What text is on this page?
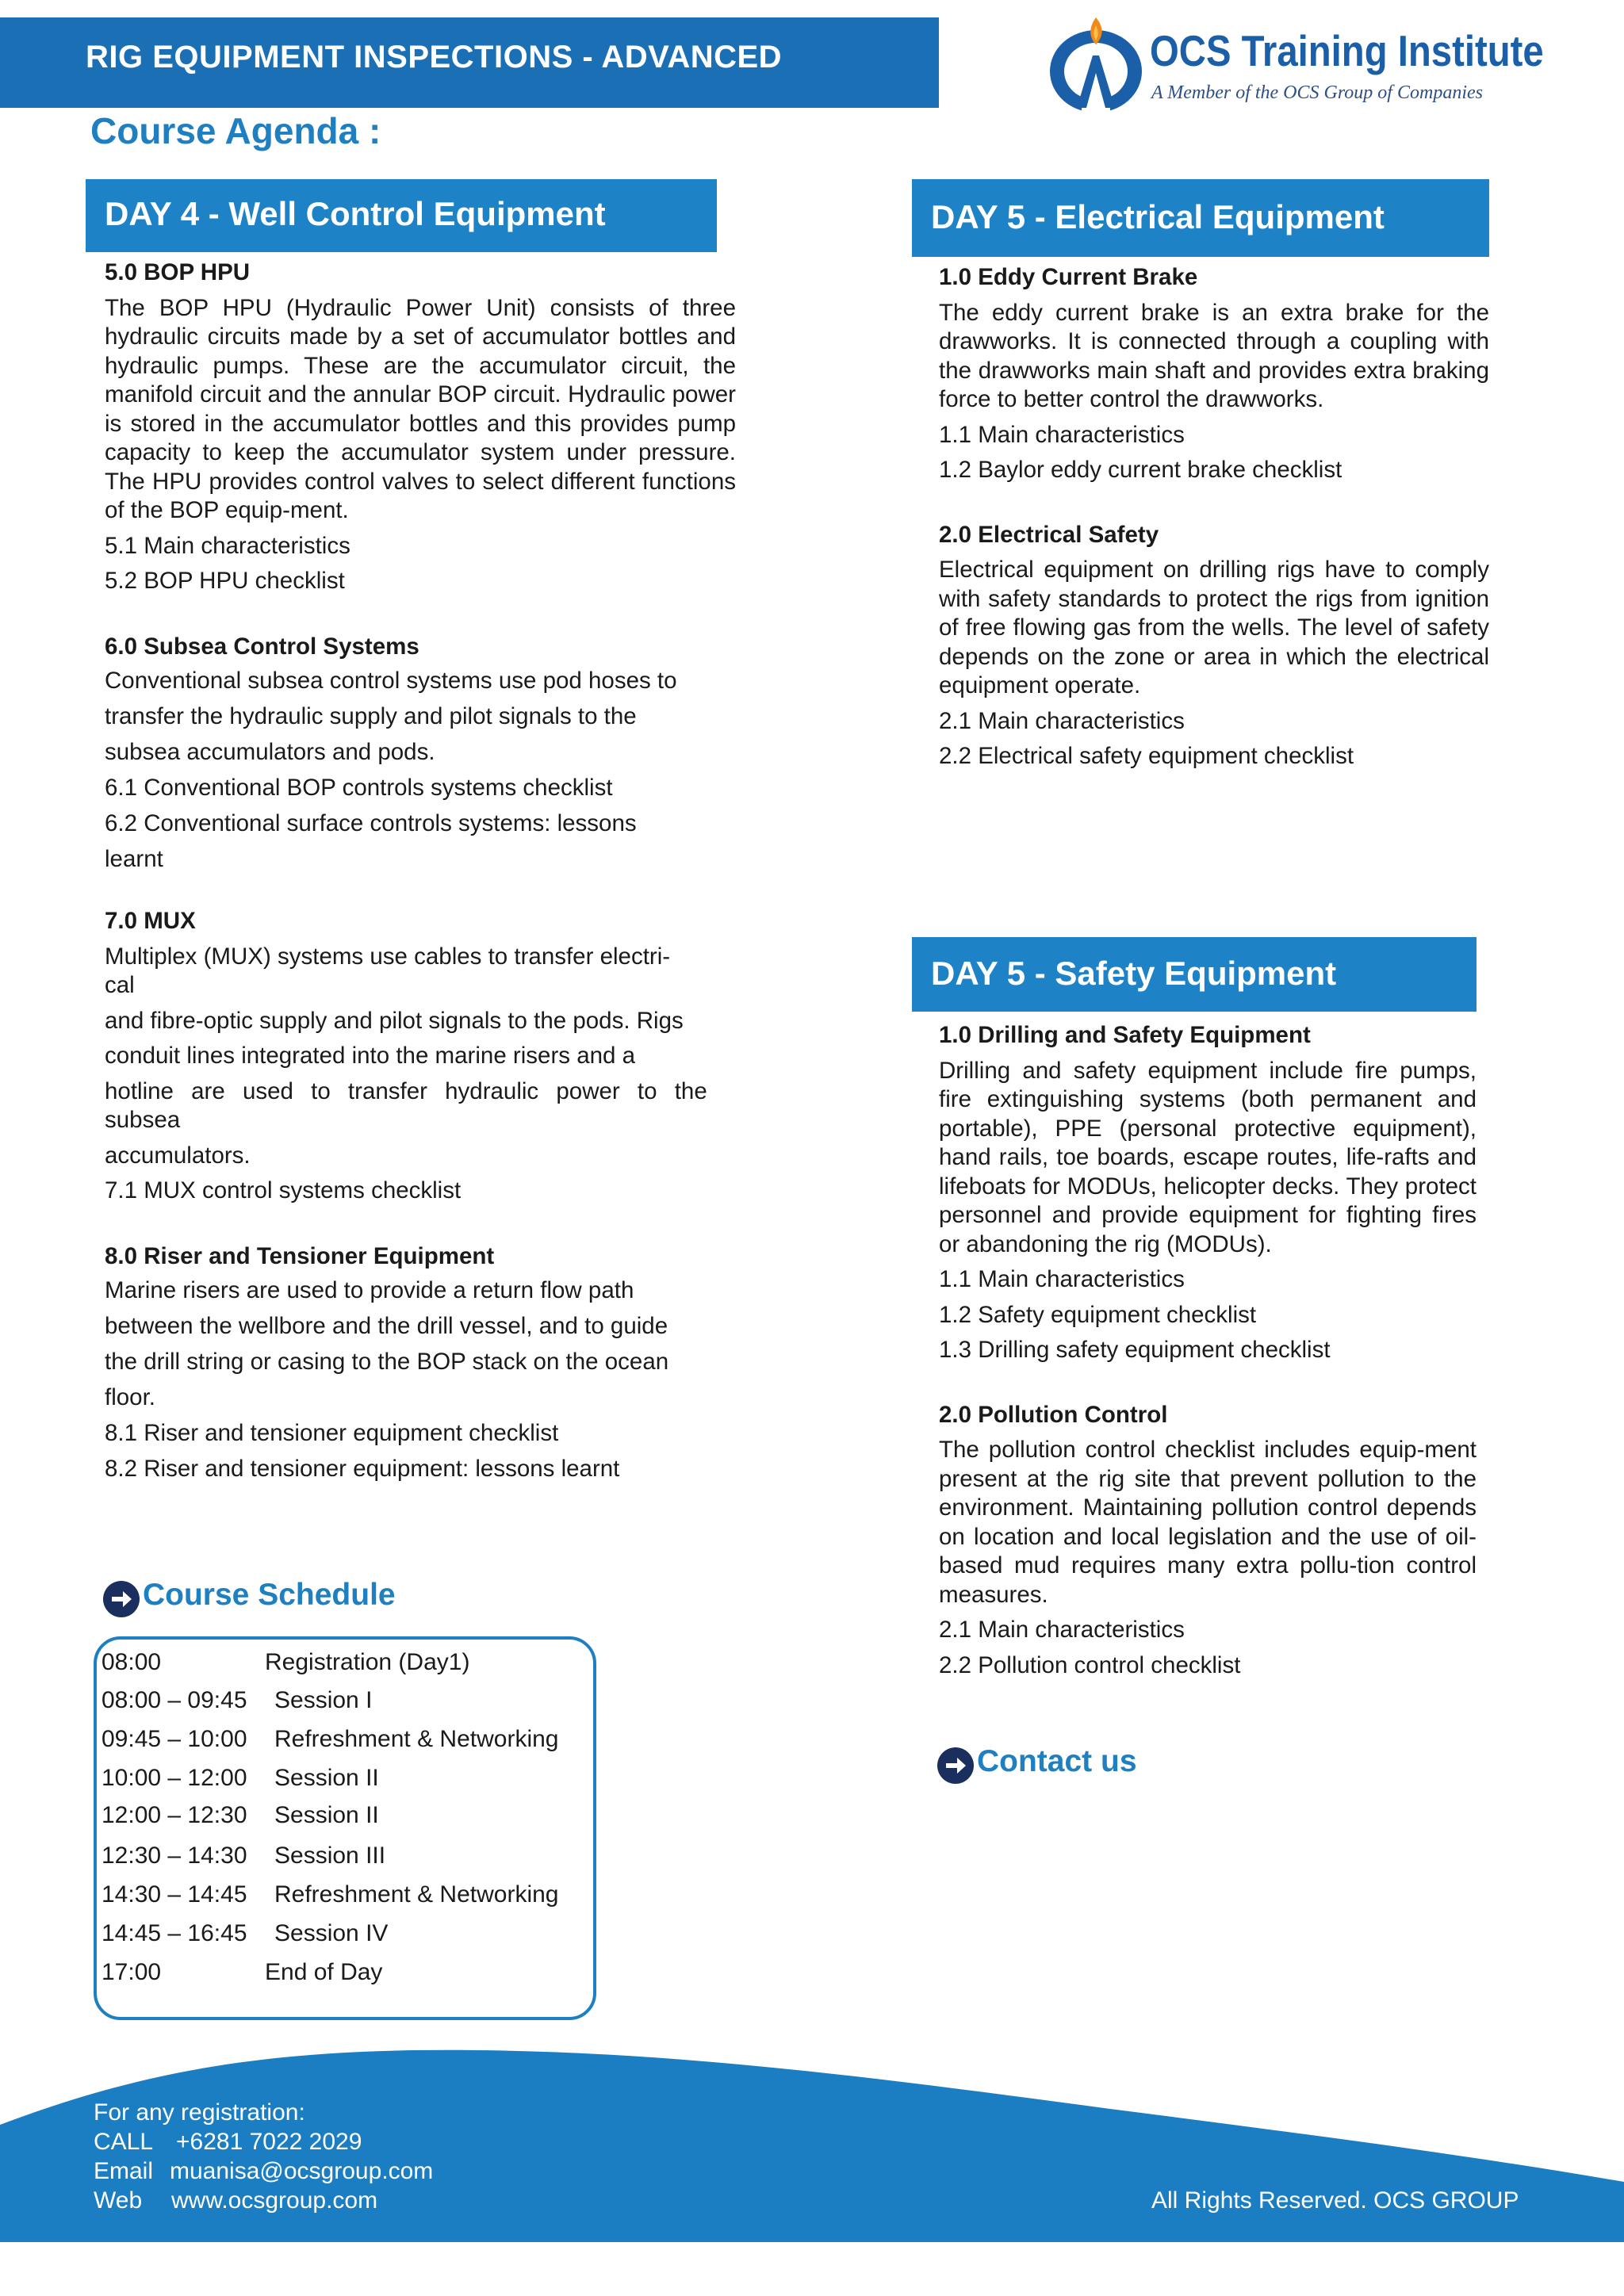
RIG EQUIPMENT INSPECTIONS - ADVANCED	OCS Training Institute
A Member of the OCS Group of Companies
Course Agenda :
DAY 4 - Well Control Equipment
5.0 BOP HPU
The BOP HPU (Hydraulic Power Unit) consists of three hydraulic circuits made by a set of accumulator bottles and hydraulic pumps. These are the accumulator circuit, the manifold circuit and the annular BOP circuit. Hydraulic power is stored in the accumulator bottles and this provides pump capacity to keep the accumulator system under pressure. The HPU provides control valves to select different functions of the BOP equip-ment.
5.1 Main characteristics
5.2 BOP HPU checklist
6.0 Subsea Control Systems
Conventional subsea control systems use pod hoses to
transfer the hydraulic supply and pilot signals to the
subsea accumulators and pods.
6.1 Conventional BOP controls systems checklist
6.2 Conventional surface controls systems: lessons
learnt
7.0 MUX
Multiplex (MUX) systems use cables to transfer electri-
cal
and fibre-optic supply and pilot signals to the pods. Rigs
conduit lines integrated into the marine risers and a
hotline are used to transfer hydraulic power to the
subsea
accumulators.
7.1 MUX control systems checklist
8.0 Riser and Tensioner Equipment
Marine risers are used to provide a return flow path
between the wellbore and the drill vessel, and to guide
the drill string or casing to the BOP stack on the ocean
floor.
8.1 Riser and tensioner equipment checklist
8.2 Riser and tensioner equipment: lessons learnt
Course Schedule
08:00	Registration (Day1)
08:00 – 09:45 Session I
09:45 – 10:00 Refreshment & Networking
10:00 – 12:00 Session II
12:00 – 12:30 Session II
12:30 – 14:30 Session III
14:30 – 14:45 Refreshment & Networking
14:45 – 16:45 Session IV
17:00	End of Day
DAY 5 - Electrical Equipment
1.0 Eddy Current Brake
The eddy current brake is an extra brake for the drawworks. It is connected through a coupling with the drawworks main shaft and provides extra braking force to better control the drawworks.
1.1 Main characteristics
1.2 Baylor eddy current brake checklist
2.0 Electrical Safety
Electrical equipment on drilling rigs have to comply with safety standards to protect the rigs from ignition of free flowing gas from the wells. The level of safety depends on the zone or area in which the electrical equipment operate.
2.1 Main characteristics
2.2 Electrical safety equipment checklist
DAY 5 - Safety Equipment
1.0 Drilling and Safety Equipment
Drilling and safety equipment include fire pumps, fire extinguishing systems (both permanent and portable), PPE (personal protective equipment), hand rails, toe boards, escape routes, life-rafts and lifeboats for MODUs, helicopter decks. They protect personnel and provide equipment for fighting fires or abandoning the rig (MODUs).
1.1 Main characteristics
1.2 Safety equipment checklist
1.3 Drilling safety equipment checklist
2.0 Pollution Control
The pollution control checklist includes equip-ment present at the rig site that prevent pollution to the environment. Maintaining pollution control depends on location and local legislation and the use of oil-based mud requires many extra pollu-tion control measures.
2.1 Main characteristics
2.2 Pollution control checklist
Contact us
For any registration:
CALL +6281 7022 2029
Email muanisa@ocsgroup.com
Web www.ocsgroup.com	All Rights Reserved. OCS GROUP
